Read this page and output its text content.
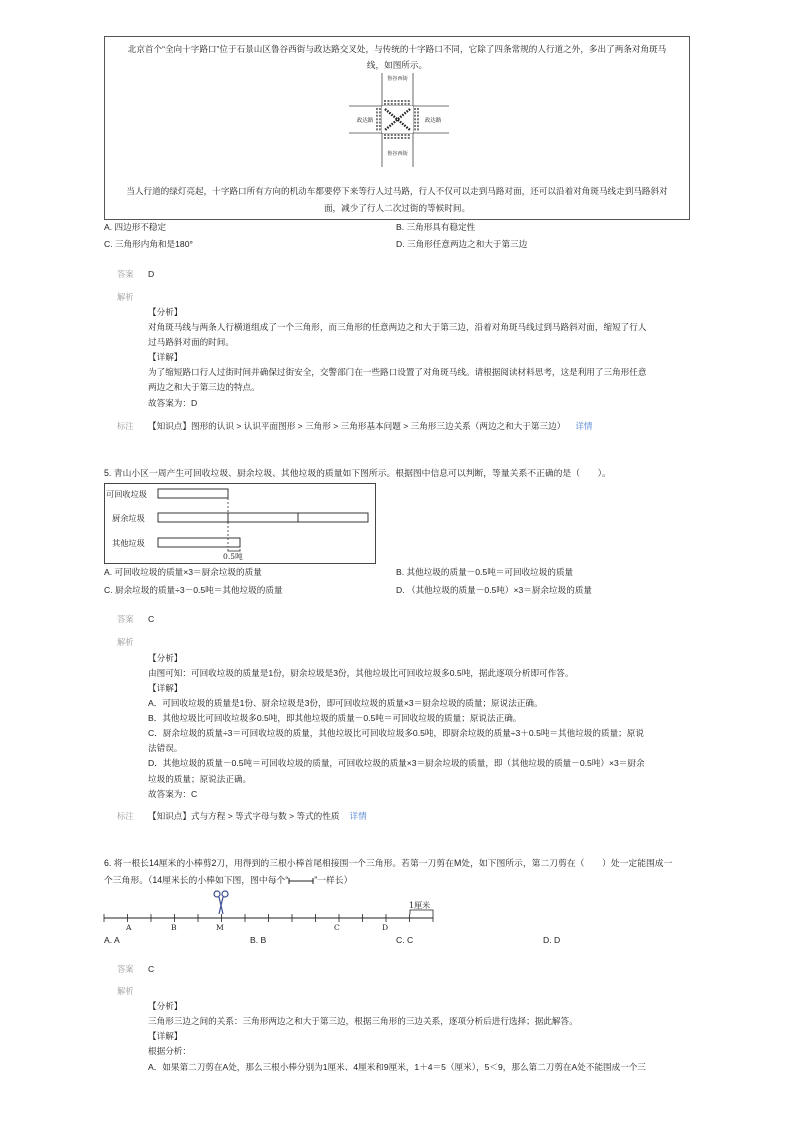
北京首个“全向十字路口”位于石景山区鲁谷西街与政达路交叉处，与传统的十字路口不同，它除了四条常规的人行道之外，多出了两条对角斑马
线，如图所示。
鲁谷西街
鲁谷西街
政达路	政达路
当人行道的绿灯亮起，十字路口所有方向的机动车都要停下来等行人过马路，行人不仅可以走到马路对面，还可以沿着对角斑马线走到马路斜对
面，减少了行人二次过街的等候时间。
A. 四边形不稳定	B. 三角形具有稳定性
C. 三角形内角和是180°	D. 三角形任意两边之和大于第三边
答案 D
解析
【分析】
对角斑马线与两条人行横道组成了一个三角形，而三角形的任意两边之和大于第三边，沿着对角斑马线过到马路斜对面，缩短了行人
过马路斜对面的时间。
【详解】
为了缩短路口行人过街时间并确保过街安全，交警部门在一些路口设置了对角斑马线。请根据阅读材料思考，这是利用了三角形任意
两边之和大于第三边的特点。
故答案为：D
标注 【知识点】图形的认识 > 认识平面图形 > 三角形 > 三角形基本问题 > 三角形三边关系（两边之和大于第三边） 详情
5. 青山小区一周产生可回收垃圾、厨余垃圾、其他垃圾的质量如下图所示。根据图中信息可以判断，等量关系不正确的是（　　）。
可回收垃圾
厨余垃圾
其他垃圾
0.5吨
A. 可回收垃圾的质量×3＝厨余垃圾的质量	B. 其他垃圾的质量－0.5吨＝可回收垃圾的质量
C. 厨余垃圾的质量÷3－0.5吨＝其他垃圾的质量	D. （其他垃圾的质量－0.5吨）×3＝厨余垃圾的质量
答案 C
解析
【分析】
由图可知：可回收垃圾的质量是1份，厨余垃圾是3份，其他垃圾比可回收垃圾多0.5吨，据此逐项分析即可作答。
【详解】
A．可回收垃圾的质量是1份、厨余垃圾是3份，即可回收垃圾的质量×3＝厨余垃圾的质量；原说法正确。
B．其他垃圾比可回收垃圾多0.5吨，即其他垃圾的质量－0.5吨＝可回收垃圾的质量；原说法正确。
C．厨余垃圾的质量÷3＝可回收垃圾的质量，其他垃圾比可回收垃圾多0.5吨，即厨余垃圾的质量÷3＋0.5吨＝其他垃圾的质量；原说
法错误。
D．其他垃圾的质量－0.5吨＝可回收垃圾的质量，可回收垃圾的质量×3＝厨余垃圾的质量，即（其他垃圾的质量－0.5吨）×3＝厨余
垃圾的质量；原说法正确。
故答案为：C
标注 【知识点】式与方程 > 等式字母与数 > 等式的性质 详情
6. 将一根长14厘米的小棒剪2刀，用得到的三根小棒首尾相接围一个三角形。若第一刀剪在M处，如下图所示，第二刀剪在（　　）处一定能围成一
个三角形。（14厘米长的小棒如下图，图中每个“	”一样长）
1厘米
A	B	M	C	D
A. A	B. B	C. C	D. D
答案 C
解析
【分析】
三角形三边之间的关系：三角形两边之和大于第三边，根据三角形的三边关系，逐项分析后进行选择；据此解答。
【详解】
根据分析：
A．如果第二刀剪在A处，那么三根小棒分别为1厘米、4厘米和9厘米，1＋4＝5（厘米），5＜9，那么第二刀剪在A处不能围成一个三
